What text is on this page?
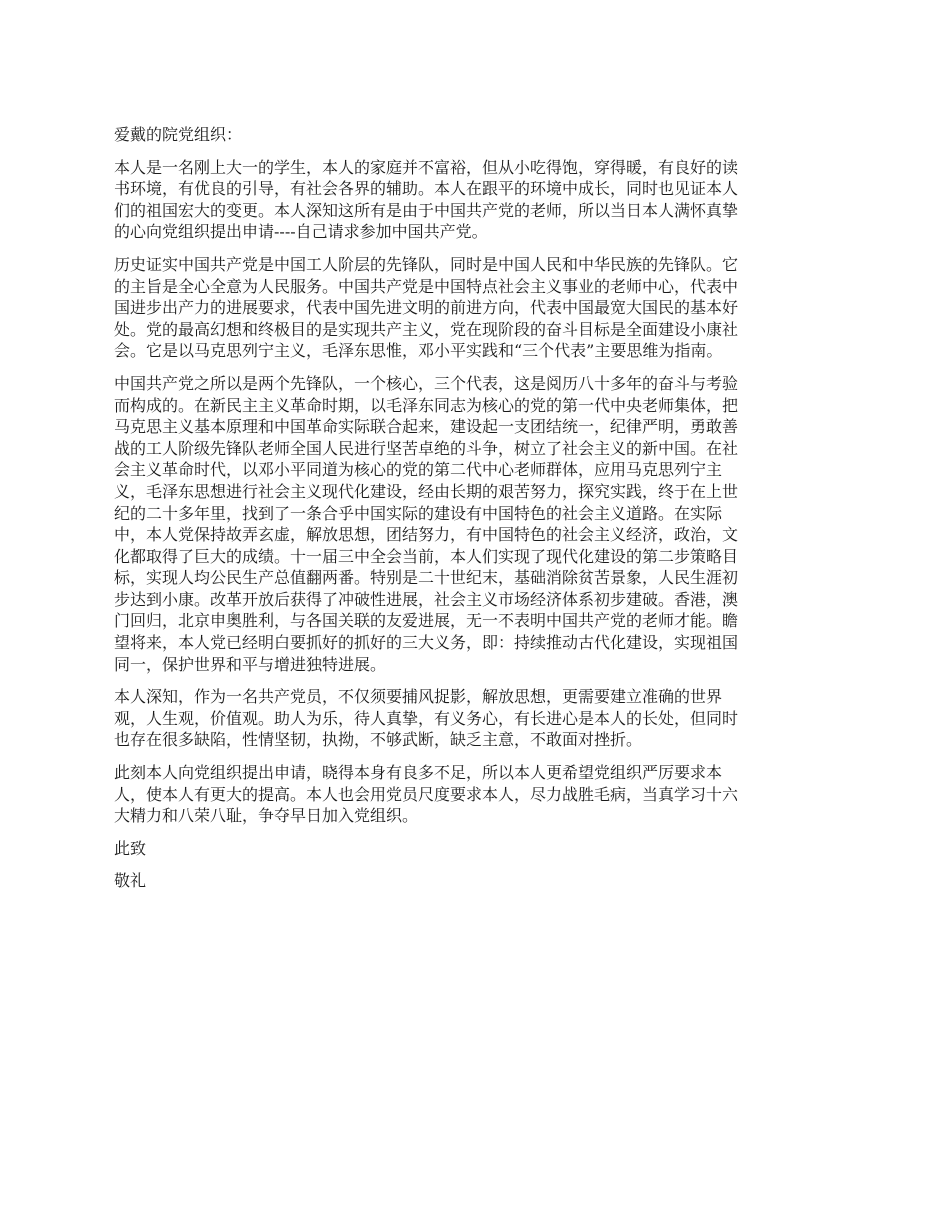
爱戴的院党组织：
本人是一名刚上大一的学生，本人的家庭并不富裕，但从小吃得饱，穿得暖，有良好的读
书环境，有优良的引导，有社会各界的辅助。本人在跟平的环境中成长，同时也见证本人
们的祖国宏大的变更。本人深知这所有是由于中国共产党的老师，所以当日本人满怀真挚
的心向党组织提出申请----自己请求参加中国共产党。
历史证实中国共产党是中国工人阶层的先锋队，同时是中国人民和中华民族的先锋队。它
的主旨是全心全意为人民服务。中国共产党是中国特点社会主义事业的老师中心，代表中
国进步出产力的进展要求，代表中国先进文明的前进方向，代表中国最宽大国民的基本好
处。党的最高幻想和终极目的是实现共产主义，党在现阶段的奋斗目标是全面建设小康社
会。它是以马克思列宁主义，毛泽东思惟，邓小平实践和“三个代表”主要思维为指南。
中国共产党之所以是两个先锋队，一个核心，三个代表，这是阅历八十多年的奋斗与考验
而构成的。在新民主主义革命时期，以毛泽东同志为核心的党的第一代中央老师集体，把
马克思主义基本原理和中国革命实际联合起来，建设起一支团结统一，纪律严明，勇敢善
战的工人阶级先锋队老师全国人民进行坚苦卓绝的斗争，树立了社会主义的新中国。在社
会主义革命时代，以邓小平同道为核心的党的第二代中心老师群体，应用马克思列宁主
义，毛泽东思想进行社会主义现代化建设，经由长期的艰苦努力，探究实践，终于在上世
纪的二十多年里，找到了一条合乎中国实际的建设有中国特色的社会主义道路。在实际
中，本人党保持故弄玄虚，解放思想，团结努力，有中国特色的社会主义经济，政治，文
化都取得了巨大的成绩。十一届三中全会当前，本人们实现了现代化建设的第二步策略目
标，实现人均公民生产总值翻两番。特别是二十世纪末，基础消除贫苦景象，人民生涯初
步达到小康。改革开放后获得了冲破性进展，社会主义市场经济体系初步建破。香港，澳
门回归，北京申奥胜利，与各国关联的友爱进展，无一不表明中国共产党的老师才能。瞻
望将来，本人党已经明白要抓好的抓好的三大义务，即：持续推动古代化建设，实现祖国
同一，保护世界和平与增进独特进展。
本人深知，作为一名共产党员，不仅须要捕风捉影，解放思想，更需要建立准确的世界
观，人生观，价值观。助人为乐，待人真挚，有义务心，有长进心是本人的长处，但同时
也存在很多缺陷，性情坚韧，执拗，不够武断，缺乏主意，不敢面对挫折。
此刻本人向党组织提出申请，晓得本身有良多不足，所以本人更希望党组织严厉要求本
人，使本人有更大的提高。本人也会用党员尺度要求本人，尽力战胜毛病，当真学习十六
大精力和八荣八耻，争夺早日加入党组织。
此致
敬礼
